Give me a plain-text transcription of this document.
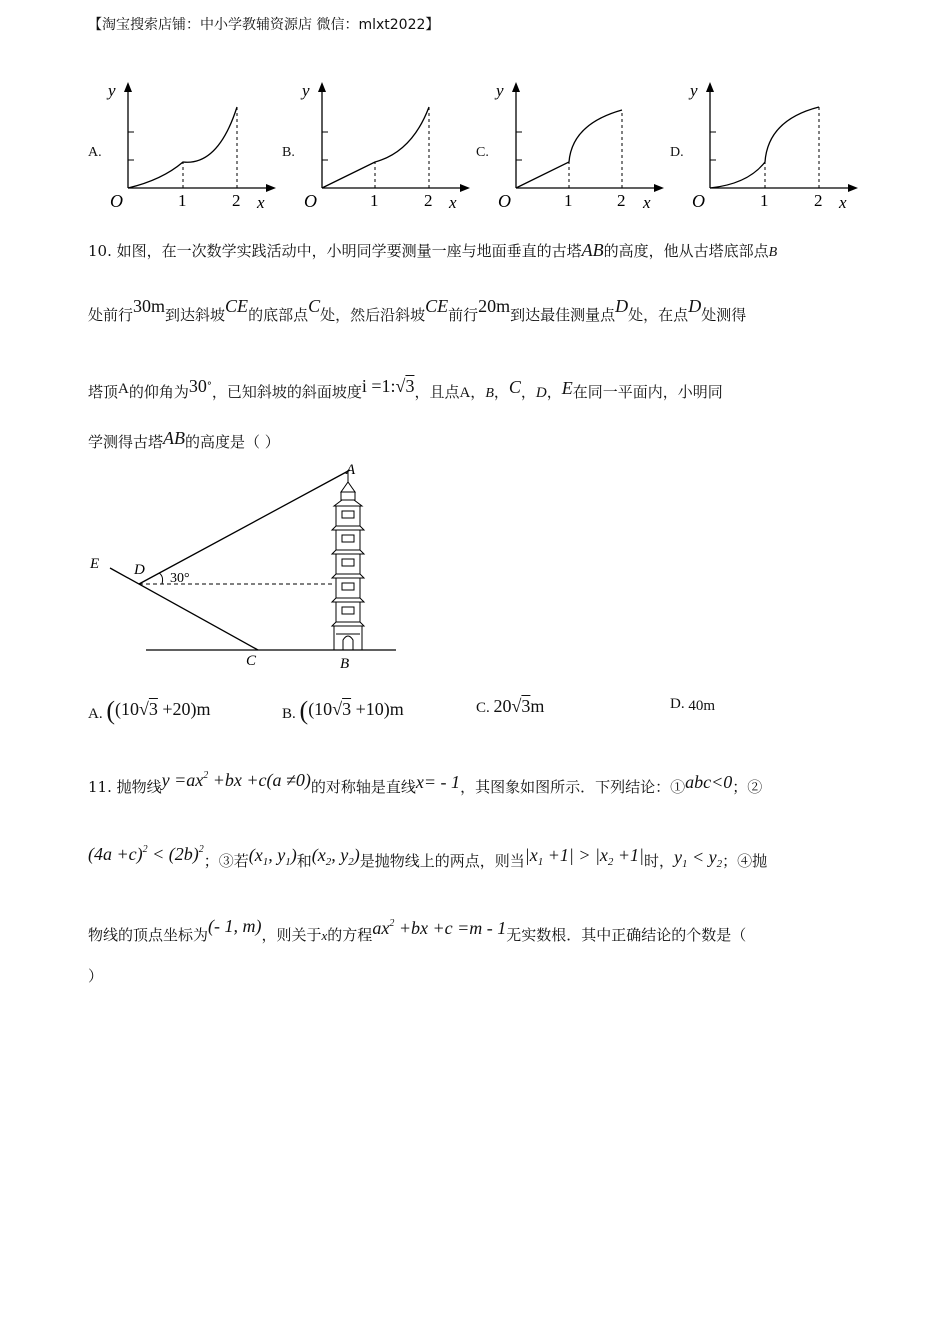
【淘宝搜索店铺：中小学教辅资源店 微信：mlxt2022】
A.	B.	C.	D.
y
x
O	1	2
y
x
O	1	2
y
x
O	1	2
y
x
O	1	2
10. 如图，在一次数学实践活动中，小明同学要测量一座与地面垂直的古塔AB的高度，他从古塔底部点B
处前行30m到达斜坡CE的底部点C处，然后沿斜坡CE前行20m到达最佳测量点D处，在点D处测得
塔顶A的仰角为30°，已知斜坡的斜面坡度i =1:√3，且点A，B，C，D，E在同一平面内，小明同
学测得古塔AB的高度是（ ）
A
B
C
D
E
30°
A. ((10√3 +20)m	B. ((10√3 +10)m	C. 20√3m	D. 40m
11. 抛物线$y =ax^2 +bx +c(a \ne 0)$的对称轴是直线x= - 1，其图象如图所示．下列结论：①abc<0；②
$(4a +c)^2 < (2b)^2$；③若($x_1$, $y_1$)和($x_2$, $y_2$)是抛物线上的两点，则当$|x_1 +1| > |x_2 +1|$时，$y_1 < y_2$；④抛
物线的顶点坐标为(- 1, m)，则关于x的方程$ax^2 +bx +c =m - 1$无实数根．其中正确结论的个数是（
）
